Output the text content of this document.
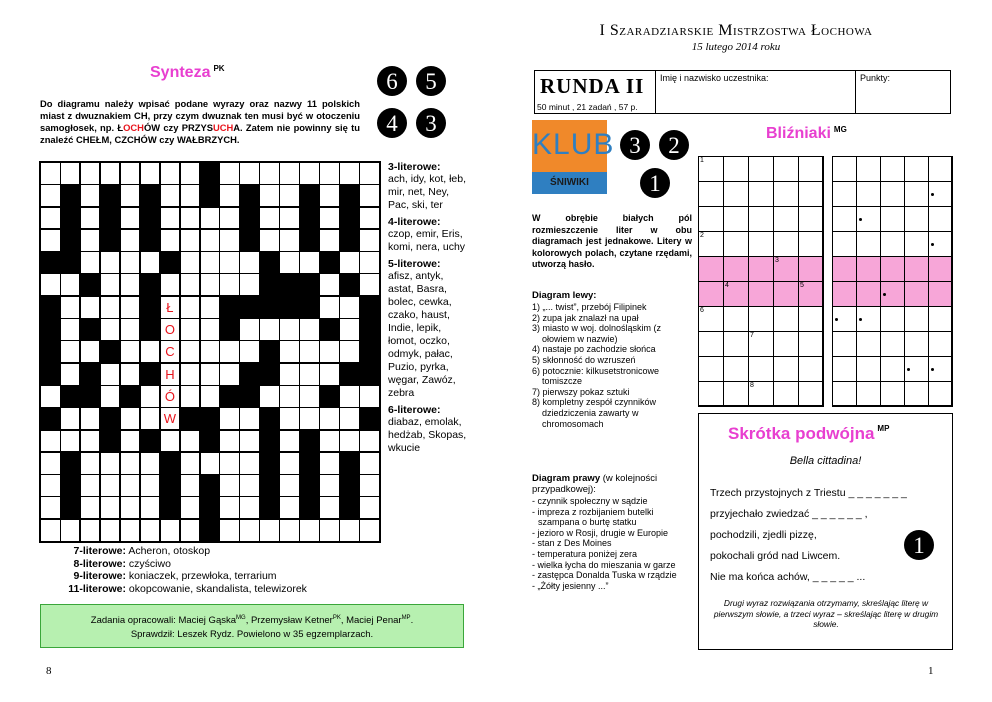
Synteza $^{PK}$
6	5
4	3
Do diagramu należy wpisać podane wyrazy oraz nazwy 11 polskich miast z dwuznakiem CH, przy czym dwuznak ten musi być w otoczeniu samogłosek, np. ŁOCHÓW czy PRZYSUCHA. Zatem nie powinny się tu znaleźć CHEŁM, CZCHÓW czy WAŁBRZYCH.
Ł
O
C
H
Ó
W
3-literowe:
ach, idy, kot, łeb, mir, net, Ney, Pac, ski, ter
4-literowe:
czop, emir, Eris, komi, nera, uchy
5-literowe:
afisz, antyk, astat, Basra, bolec, cewka, czako, haust, Indie, lepik, łomot, oczko, odmyk, pałac, Puzio, pyrka, węgar, Zawóz, zebra
6-literowe:
diabaz, emolak, hedżab, Skopas, wkucie
7-literowe: Acheron, otoskop
8-literowe: czyściwo
9-literowe: koniaczek, przewłoka, terrarium
11-literowe: okopcowanie, skandalista, telewizorek
Zadania opracowali: Maciej Gąska$^{MG}$, Przemysław Ketner$^{PK}$, Maciej Penar$^{MP}$.
Sprawdził: Leszek Rydz. Powielono w 35 egzemplarzach.
8
I Szaradziarskie Mistrzostwa Łochowa
15 lutego 2014 roku
RUNDA II
50 minut , 21 zadań , 57 p.
Imię i nazwisko uczestnika:	Punkty:
KLUB
ŚNIWIKI
3	2
1
Bliźniaki $^{MG}$
W obrębie białych pól rozmieszczenie liter w obu diagramach jest jednakowe. Litery w kolorowych polach, czytane rzędami, utworzą hasło.
Diagram lewy:
1) „... twist”, przebój Filipinek
2) zupa jak znalazł na upał
3) miasto w woj. dolnośląskim (z ołowiem w nazwie)
4) nastaje po zachodzie słońca
5) skłonność do wzruszeń
6) potocznie: kilkusetstronicowe tomiszcze
7) pierwszy pokaz sztuki
8) kompletny zespół czynników dziedziczenia zawarty w chromosomach
Diagram prawy (w kolejności przypadkowej):
- czynnik społeczny w sądzie
- impreza z rozbijaniem butelki szampana o burtę statku
- jezioro w Rosji, drugie w Europie
- stan z Des Moines
- temperatura poniżej zera
- wielka łycha do mieszania w garze
- zastępca Donalda Tuska w rządzie
- „Żółty jesienny ...”
1
2
3
4	5
6
7
8
Skrótka podwójna $^{MP}$
Bella cittadina!
Trzech przystojnych z Triestu _ _ _ _ _ _ _
przyjechało zwiedzać _ _ _ _ _ _ ,
pochodzili, zjedli pizzę,
pokochali gród nad Liwcem.
Nie ma końca achów, _ _ _ _ _ ...
1
Drugi wyraz rozwiązania otrzymamy, skreślając literę w pierwszym słowie, a trzeci wyraz – skreślając literę w drugim słowie.
1
